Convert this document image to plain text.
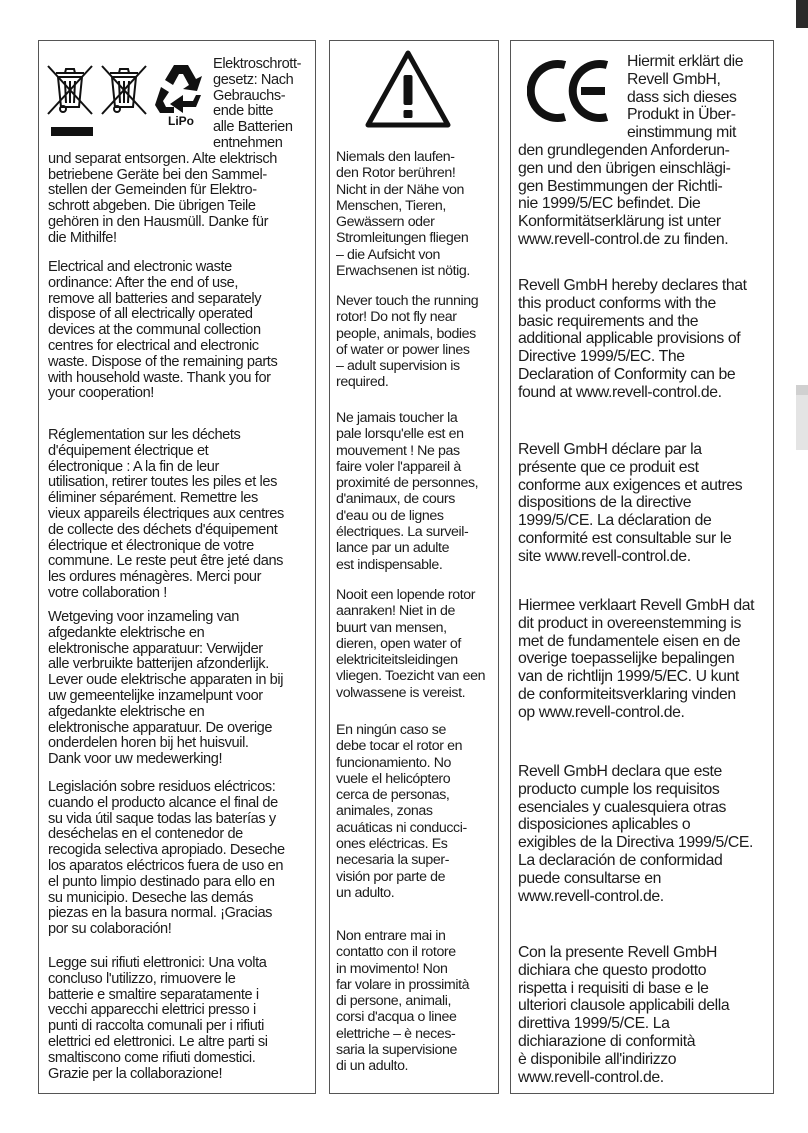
LiPo

Elektroschrott-
gesetz: Nach
Gebrauchs-
ende bitte
alle Batterien
entnehmen

und separat entsorgen. Alte elektrisch
betriebene Geräte bei den Sammel-
stellen der Gemeinden für Elektro-
schrott abgeben. Die übrigen Teile
gehören in den Hausmüll. Danke für
die Mithilfe!

Electrical and electronic waste
ordinance: After the end of use,
remove all batteries and separately
dispose of all electrically operated
devices at the communal collection
centres for electrical and electronic
waste. Dispose of the remaining parts
with household waste. Thank you for
your cooperation!

Réglementation sur les déchets
d'équipement électrique et
électronique : A la fin de leur
utilisation, retirer toutes les piles et les
éliminer séparément. Remettre les
vieux appareils électriques aux centres
de collecte des déchets d'équipement
électrique et électronique de votre
commune. Le reste peut être jeté dans
les ordures ménagères. Merci pour
votre collaboration !

Wetgeving voor inzameling van
afgedankte elektrische en
elektronische apparatuur: Verwijder
alle verbruikte batterijen afzonderlijk.
Lever oude elektrische apparaten in bij
uw gemeentelijke inzamelpunt voor
afgedankte elektrische en
elektronische apparatuur. De overige
onderdelen horen bij het huisvuil.
Dank voor uw medewerking!

Legislación sobre residuos eléctricos:
cuando el producto alcance el final de
su vida útil saque todas las baterías y
deséchelas en el contenedor de
recogida selectiva apropiado. Deseche
los aparatos eléctricos fuera de uso en
el punto limpio destinado para ello en
su municipio. Deseche las demás
piezas en la basura normal. ¡Gracias
por su colaboración!

Legge sui rifiuti elettronici: Una volta
concluso l'utilizzo, rimuovere le
batterie e smaltire separatamente i
vecchi apparecchi elettrici presso i
punti di raccolta comunali per i rifiuti
elettrici ed elettronici. Le altre parti si
smaltiscono come rifiuti domestici.
Grazie per la collaborazione!

Niemals den laufen-
den Rotor berühren!
Nicht in der Nähe von
Menschen, Tieren,
Gewässern oder
Stromleitungen fliegen
– die Aufsicht von
Erwachsenen ist nötig.

Never touch the running
rotor! Do not fly near
people, animals, bodies
of water or power lines
– adult supervision is
required.

Ne jamais toucher la
pale lorsqu'elle est en
mouvement ! Ne pas
faire voler l'appareil à
proximité de personnes,
d'animaux, de cours
d'eau ou de lignes
électriques. La surveil-
lance par un adulte
est indispensable.

Nooit een lopende rotor
aanraken! Niet in de
buurt van mensen,
dieren, open water of
elektriciteitsleidingen
vliegen. Toezicht van een
volwassene is vereist.

En ningún caso se
debe tocar el rotor en
funcionamiento. No
vuele el helicóptero
cerca de personas,
animales, zonas
acuáticas ni conducci-
ones eléctricas. Es
necesaria la super-
visión por parte de
un adulto.

Non entrare mai in
contatto con il rotore
in movimento! Non
far volare in prossimità
di persone, animali,
corsi d'acqua o linee
elettriche – è neces-
saria la supervisione
di un adulto.

Hiermit erklärt die
Revell GmbH,
dass sich dieses
Produkt in Über-
einstimmung mit

den grundlegenden Anforderun-
gen und den übrigen einschlägi-
gen Bestimmungen der Richtli-
nie 1999/5/EC befindet. Die
Konformitätserklärung ist unter
www.revell-control.de zu finden.

Revell GmbH hereby declares that
this product conforms with the
basic requirements and the
additional applicable provisions of
Directive 1999/5/EC. The
Declaration of Conformity can be
found at www.revell-control.de.

Revell GmbH déclare par la
présente que ce produit est
conforme aux exigences et autres
dispositions de la directive
1999/5/CE. La déclaration de
conformité est consultable sur le
site www.revell-control.de.

Hiermee verklaart Revell GmbH dat
dit product in overeenstemming is
met de fundamentele eisen en de
overige toepasselijke bepalingen
van de richtlijn 1999/5/EC. U kunt
de conformiteitsverklaring vinden
op www.revell-control.de.

Revell GmbH declara que este
producto cumple los requisitos
esenciales y cualesquiera otras
disposiciones aplicables o
exigibles de la Directiva 1999/5/CE.
La declaración de conformidad
puede consultarse en
www.revell-control.de.

Con la presente Revell GmbH
dichiara che questo prodotto
rispetta i requisiti di base e le
ulteriori clausole applicabili della
direttiva 1999/5/CE. La
dichiarazione di conformità
è disponibile all'indirizzo
www.revell-control.de.
